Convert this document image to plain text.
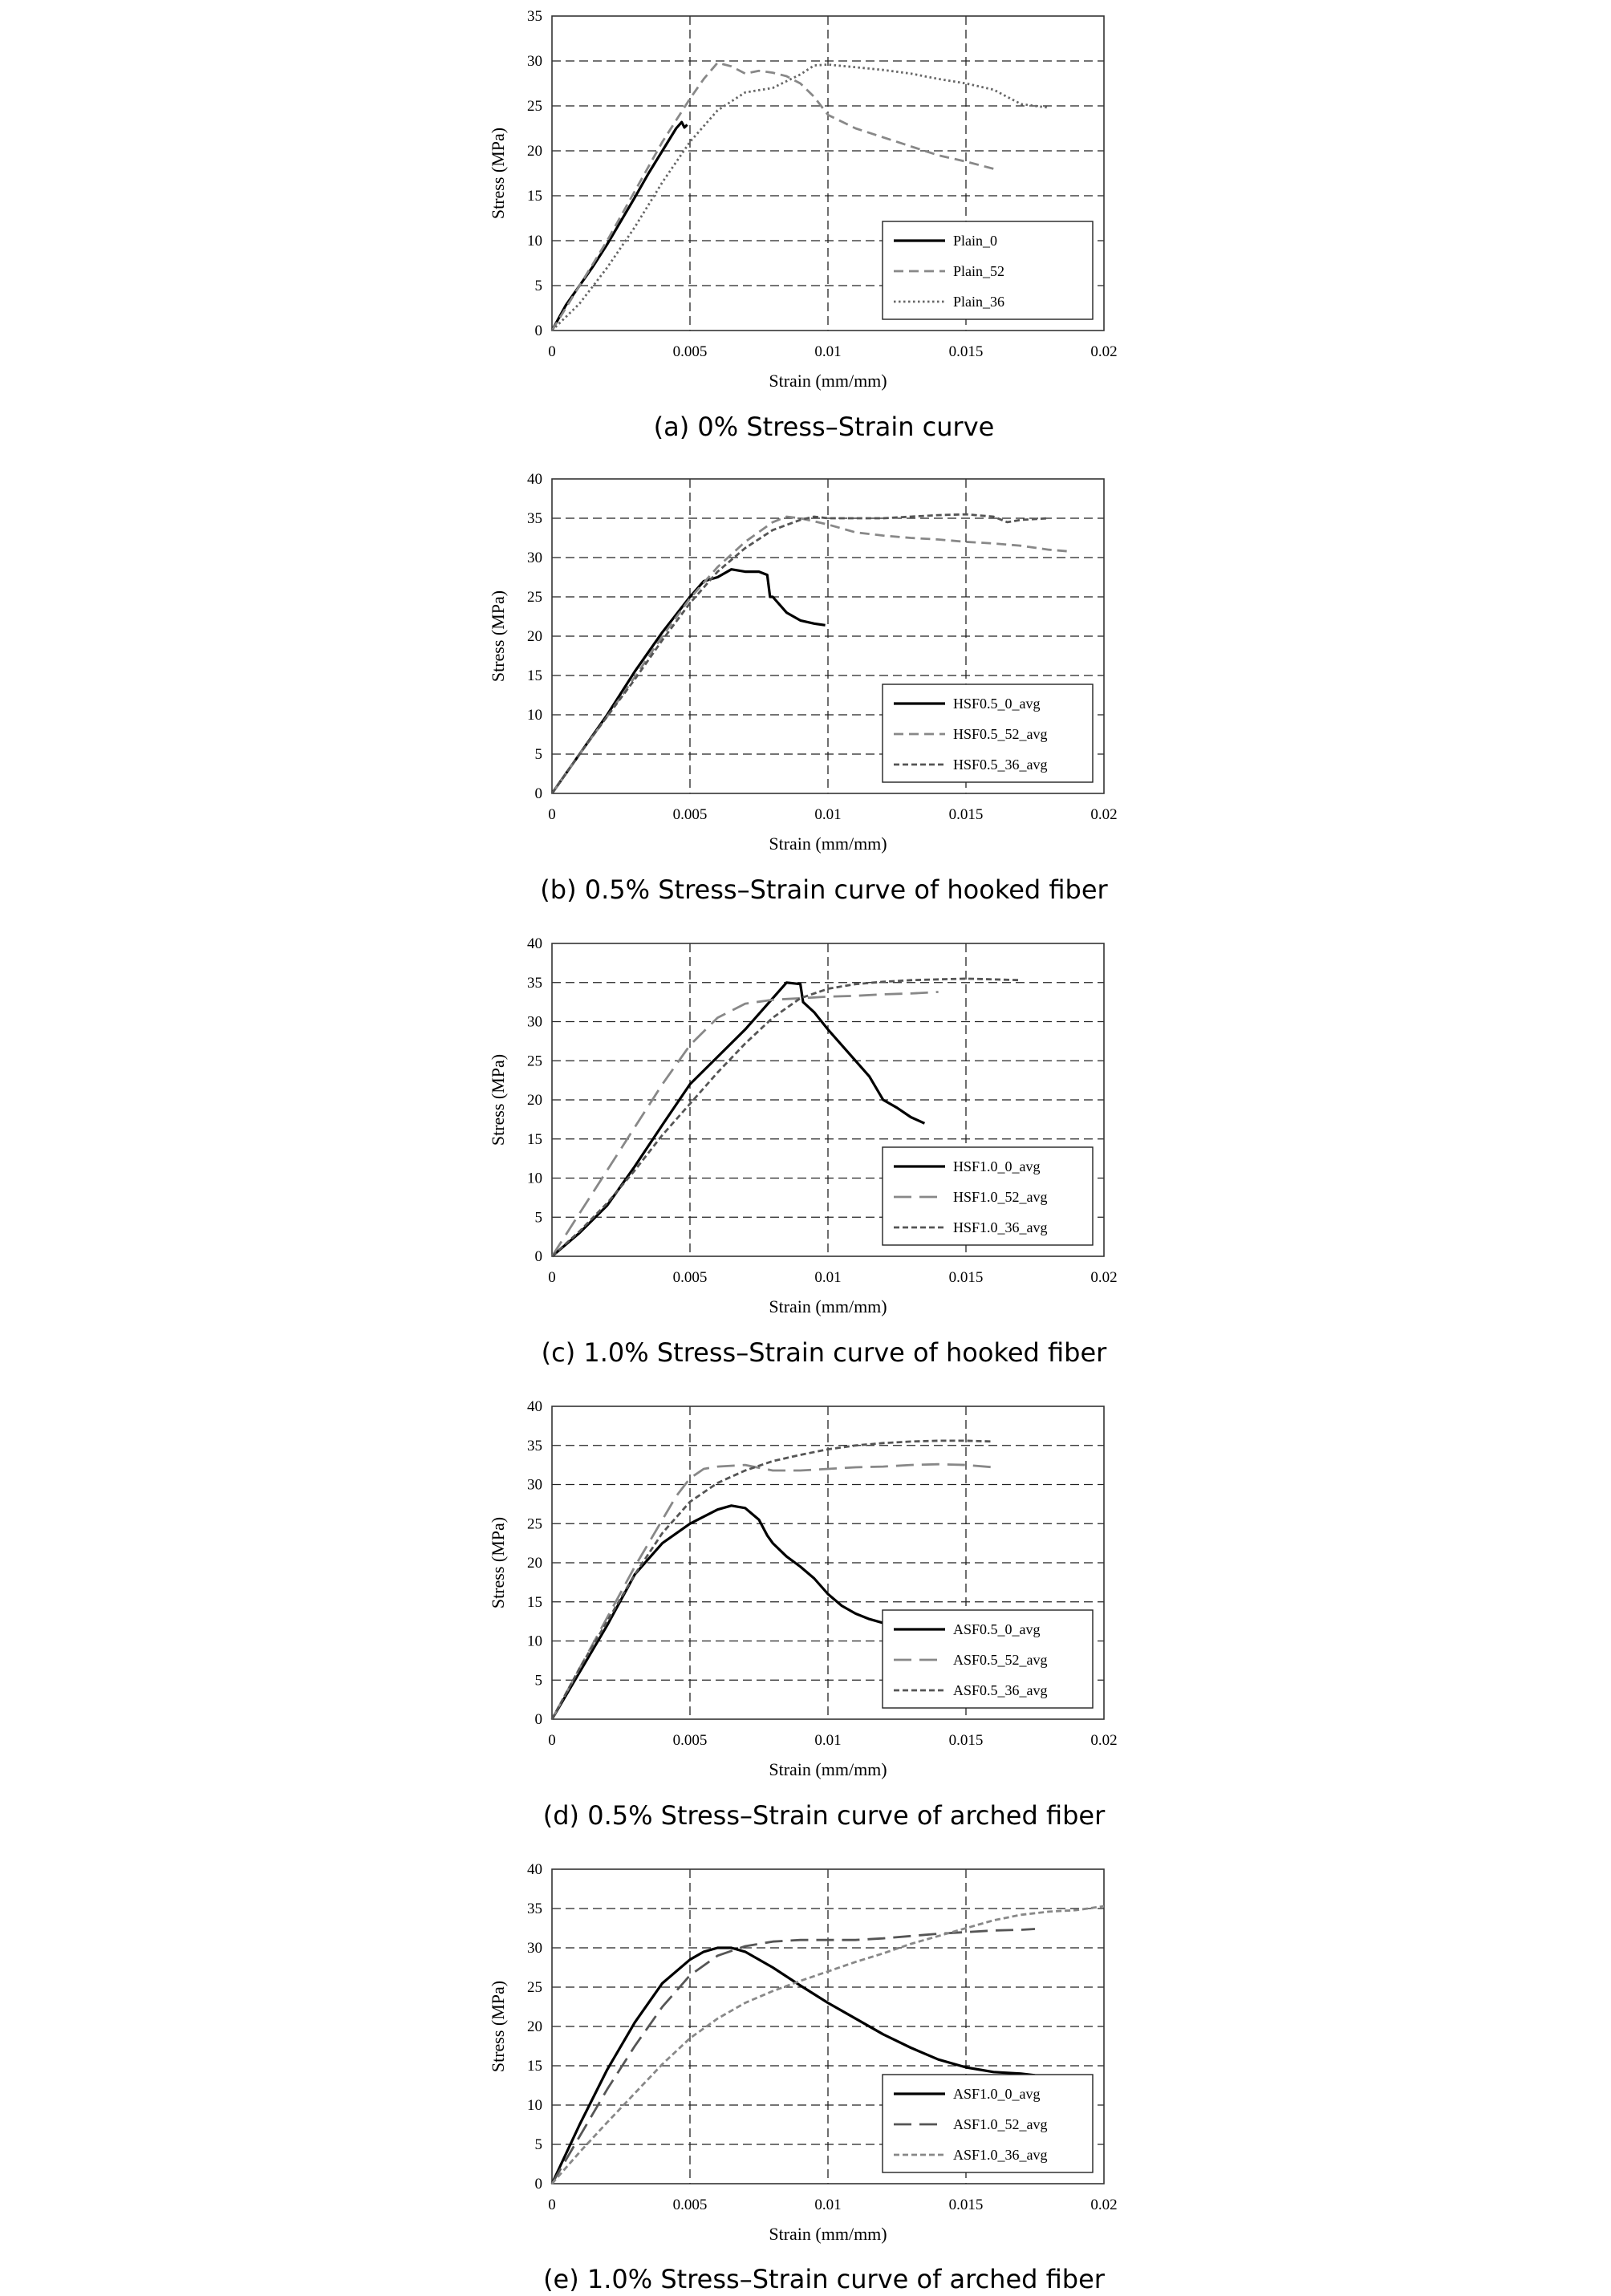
0
5
10
15
20
25
30
35
0	0.005	0.01	0.015	0.02
Strain (mm/mm)
Stress (MPa)
Plain_0
Plain_52
Plain_36
(a) 0% Stress–Strain curve
0
5
10
15
20
25
30
35
40
0	0.005	0.01	0.015	0.02
Strain (mm/mm)
Stress (MPa)
HSF0.5_0_avg
HSF0.5_52_avg
HSF0.5_36_avg
(b) 0.5% Stress–Strain curve of hooked fiber
0
5
10
15
20
25
30
35
40
0	0.005	0.01	0.015	0.02
Strain (mm/mm)
Stress (MPa)
HSF1.0_0_avg
HSF1.0_52_avg
HSF1.0_36_avg
(c) 1.0% Stress–Strain curve of hooked fiber
0
5
10
15
20
25
30
35
40
0	0.005	0.01	0.015	0.02
Strain (mm/mm)
Stress (MPa)
ASF0.5_0_avg
ASF0.5_52_avg
ASF0.5_36_avg
(d) 0.5% Stress–Strain curve of arched fiber
0
5
10
15
20
25
30
35
40
0	0.005	0.01	0.015	0.02
Strain (mm/mm)
Stress (MPa)
ASF1.0_0_avg
ASF1.0_52_avg
ASF1.0_36_avg
(e) 1.0% Stress–Strain curve of arched fiber
